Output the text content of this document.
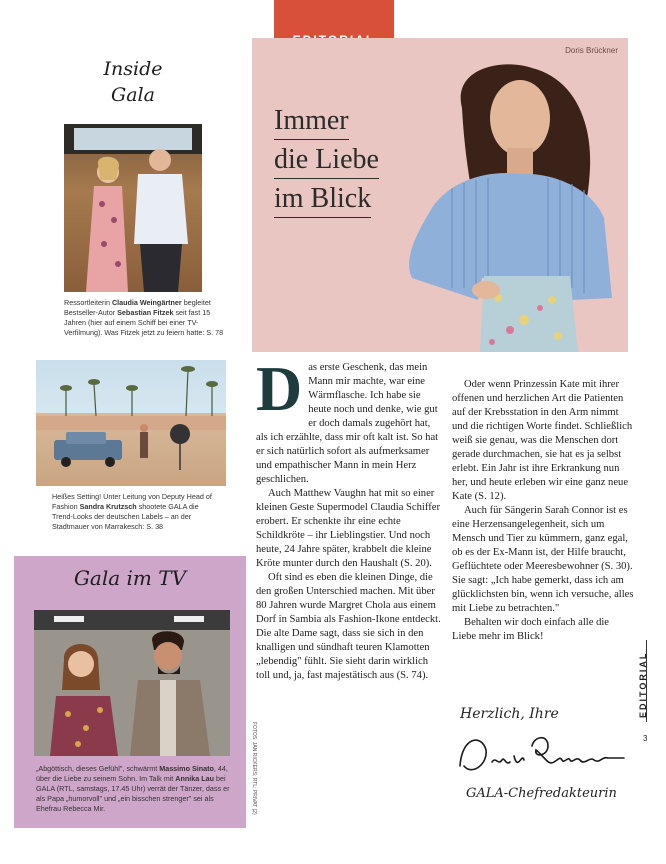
Doris Brückner
Immer
die Liebe
im Blick
Inside
Gala
Ressortleiterin Claudia Weingärtner begleitet Bestseller-Autor Sebastian Fitzek seit fast 15 Jahren (hier auf einem Schiff bei einer TV-Verfilmung). Was Fitzek jetzt zu feiern hatte: S. 78
Heißes Setting! Unter Leitung von Deputy Head of Fashion Sandra Krutzsch shootete GALA die Trend-Looks der deutschen Labels – an der Stadtmauer von Marrakesch: S. 38
Gala im TV
„Abgöttisch, dieses Gefühl", schwärmt Massimo Sinato, 44, über die Liebe zu seinem Sohn. Im Talk mit Annika Lau bei GALA (RTL, samstags, 17.45 Uhr) verrät der Tänzer, dass er als Papa „humorvoll" und „ein bisschen strenger" sei als Ehefrau Rebecca Mir.	FOTOS: JAN RICKERS; RTL; PRIVAT (2)
D as erste Geschenk, das mein Mann mir machte, war eine Wärmflasche. Ich habe sie heute noch und denke, wie gut er doch damals zugehört hat, als ich erzählte, dass mir oft kalt ist. So hat er sich natürlich sofort als aufmerksamer und empathischer Mann in mein Herz geschlichen.

Auch Matthew Vaughn hat mit so einer kleinen Geste Supermodel Claudia Schiffer erobert. Er schenkte ihr eine echte Schildkröte – ihr Lieblingstier. Und noch heute, 24 Jahre später, krabbelt die kleine Kröte munter durch den Haushalt (S. 20).

Oft sind es eben die kleinen Dinge, die den großen Unterschied machen. Mit über 80 Jahren wurde Margret Chola aus einem Dorf in Sambia als Fashion-Ikone entdeckt. Die alte Dame sagt, dass sie sich in den knalligen und sündhaft teuren Klamotten „lebendig" fühlt. Sie sieht darin wirklich toll und, ja, fast majestätisch aus (S. 74).

Oder wenn Prinzessin Kate mit ihrer offenen und herzlichen Art die Patienten auf der Krebsstation in den Arm nimmt und die richtigen Worte findet. Schließlich weiß sie genau, was die Menschen dort gerade durchmachen, sie hat es ja selbst erlebt. Ein Jahr ist ihre Erkrankung nun her, und heute erleben wir eine ganz neue Kate (S. 12).

Auch für Sängerin Sarah Connor ist es eine Herzensangelegenheit, sich um Mensch und Tier zu kümmern, ganz egal, ob es der Ex-Mann ist, der Hilfe braucht, Geflüchtete oder Meeresbewohner (S. 30). Sie sagt: „Ich habe gemerkt, dass ich am glücklichsten bin, wenn ich versuche, alles mit Liebe zu betrachten."

Behalten wir doch einfach alle die Liebe mehr im Blick!

Herzlich, Ihre
GALA-Chefredakteurin
EDITORIAL
3
